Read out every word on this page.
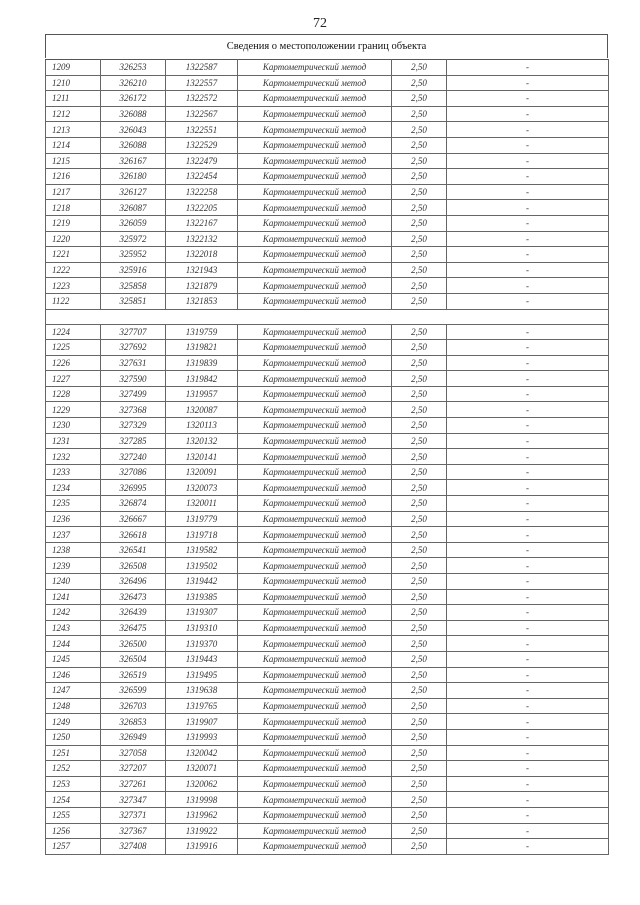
72
Сведения о местоположении границ объекта
1209	326253	1322587	Картометрический метод	2,50	-
1210	326210	1322557	Картометрический метод	2,50	-
1211	326172	1322572	Картометрический метод	2,50	-
1212	326088	1322567	Картометрический метод	2,50	-
1213	326043	1322551	Картометрический метод	2,50	-
1214	326088	1322529	Картометрический метод	2,50	-
1215	326167	1322479	Картометрический метод	2,50	-
1216	326180	1322454	Картометрический метод	2,50	-
1217	326127	1322258	Картометрический метод	2,50	-
1218	326087	1322205	Картометрический метод	2,50	-
1219	326059	1322167	Картометрический метод	2,50	-
1220	325972	1322132	Картометрический метод	2,50	-
1221	325952	1322018	Картометрический метод	2,50	-
1222	325916	1321943	Картометрический метод	2,50	-
1223	325858	1321879	Картометрический метод	2,50	-
1122	325851	1321853	Картометрический метод	2,50	-

1224	327707	1319759	Картометрический метод	2,50	-
1225	327692	1319821	Картометрический метод	2,50	-
1226	327631	1319839	Картометрический метод	2,50	-
1227	327590	1319842	Картометрический метод	2,50	-
1228	327499	1319957	Картометрический метод	2,50	-
1229	327368	1320087	Картометрический метод	2,50	-
1230	327329	1320113	Картометрический метод	2,50	-
1231	327285	1320132	Картометрический метод	2,50	-
1232	327240	1320141	Картометрический метод	2,50	-
1233	327086	1320091	Картометрический метод	2,50	-
1234	326995	1320073	Картометрический метод	2,50	-
1235	326874	1320011	Картометрический метод	2,50	-
1236	326667	1319779	Картометрический метод	2,50	-
1237	326618	1319718	Картометрический метод	2,50	-
1238	326541	1319582	Картометрический метод	2,50	-
1239	326508	1319502	Картометрический метод	2,50	-
1240	326496	1319442	Картометрический метод	2,50	-
1241	326473	1319385	Картометрический метод	2,50	-
1242	326439	1319307	Картометрический метод	2,50	-
1243	326475	1319310	Картометрический метод	2,50	-
1244	326500	1319370	Картометрический метод	2,50	-
1245	326504	1319443	Картометрический метод	2,50	-
1246	326519	1319495	Картометрический метод	2,50	-
1247	326599	1319638	Картометрический метод	2,50	-
1248	326703	1319765	Картометрический метод	2,50	-
1249	326853	1319907	Картометрический метод	2,50	-
1250	326949	1319993	Картометрический метод	2,50	-
1251	327058	1320042	Картометрический метод	2,50	-
1252	327207	1320071	Картометрический метод	2,50	-
1253	327261	1320062	Картометрический метод	2,50	-
1254	327347	1319998	Картометрический метод	2,50	-
1255	327371	1319962	Картометрический метод	2,50	-
1256	327367	1319922	Картометрический метод	2,50	-
1257	327408	1319916	Картометрический метод	2,50	-
